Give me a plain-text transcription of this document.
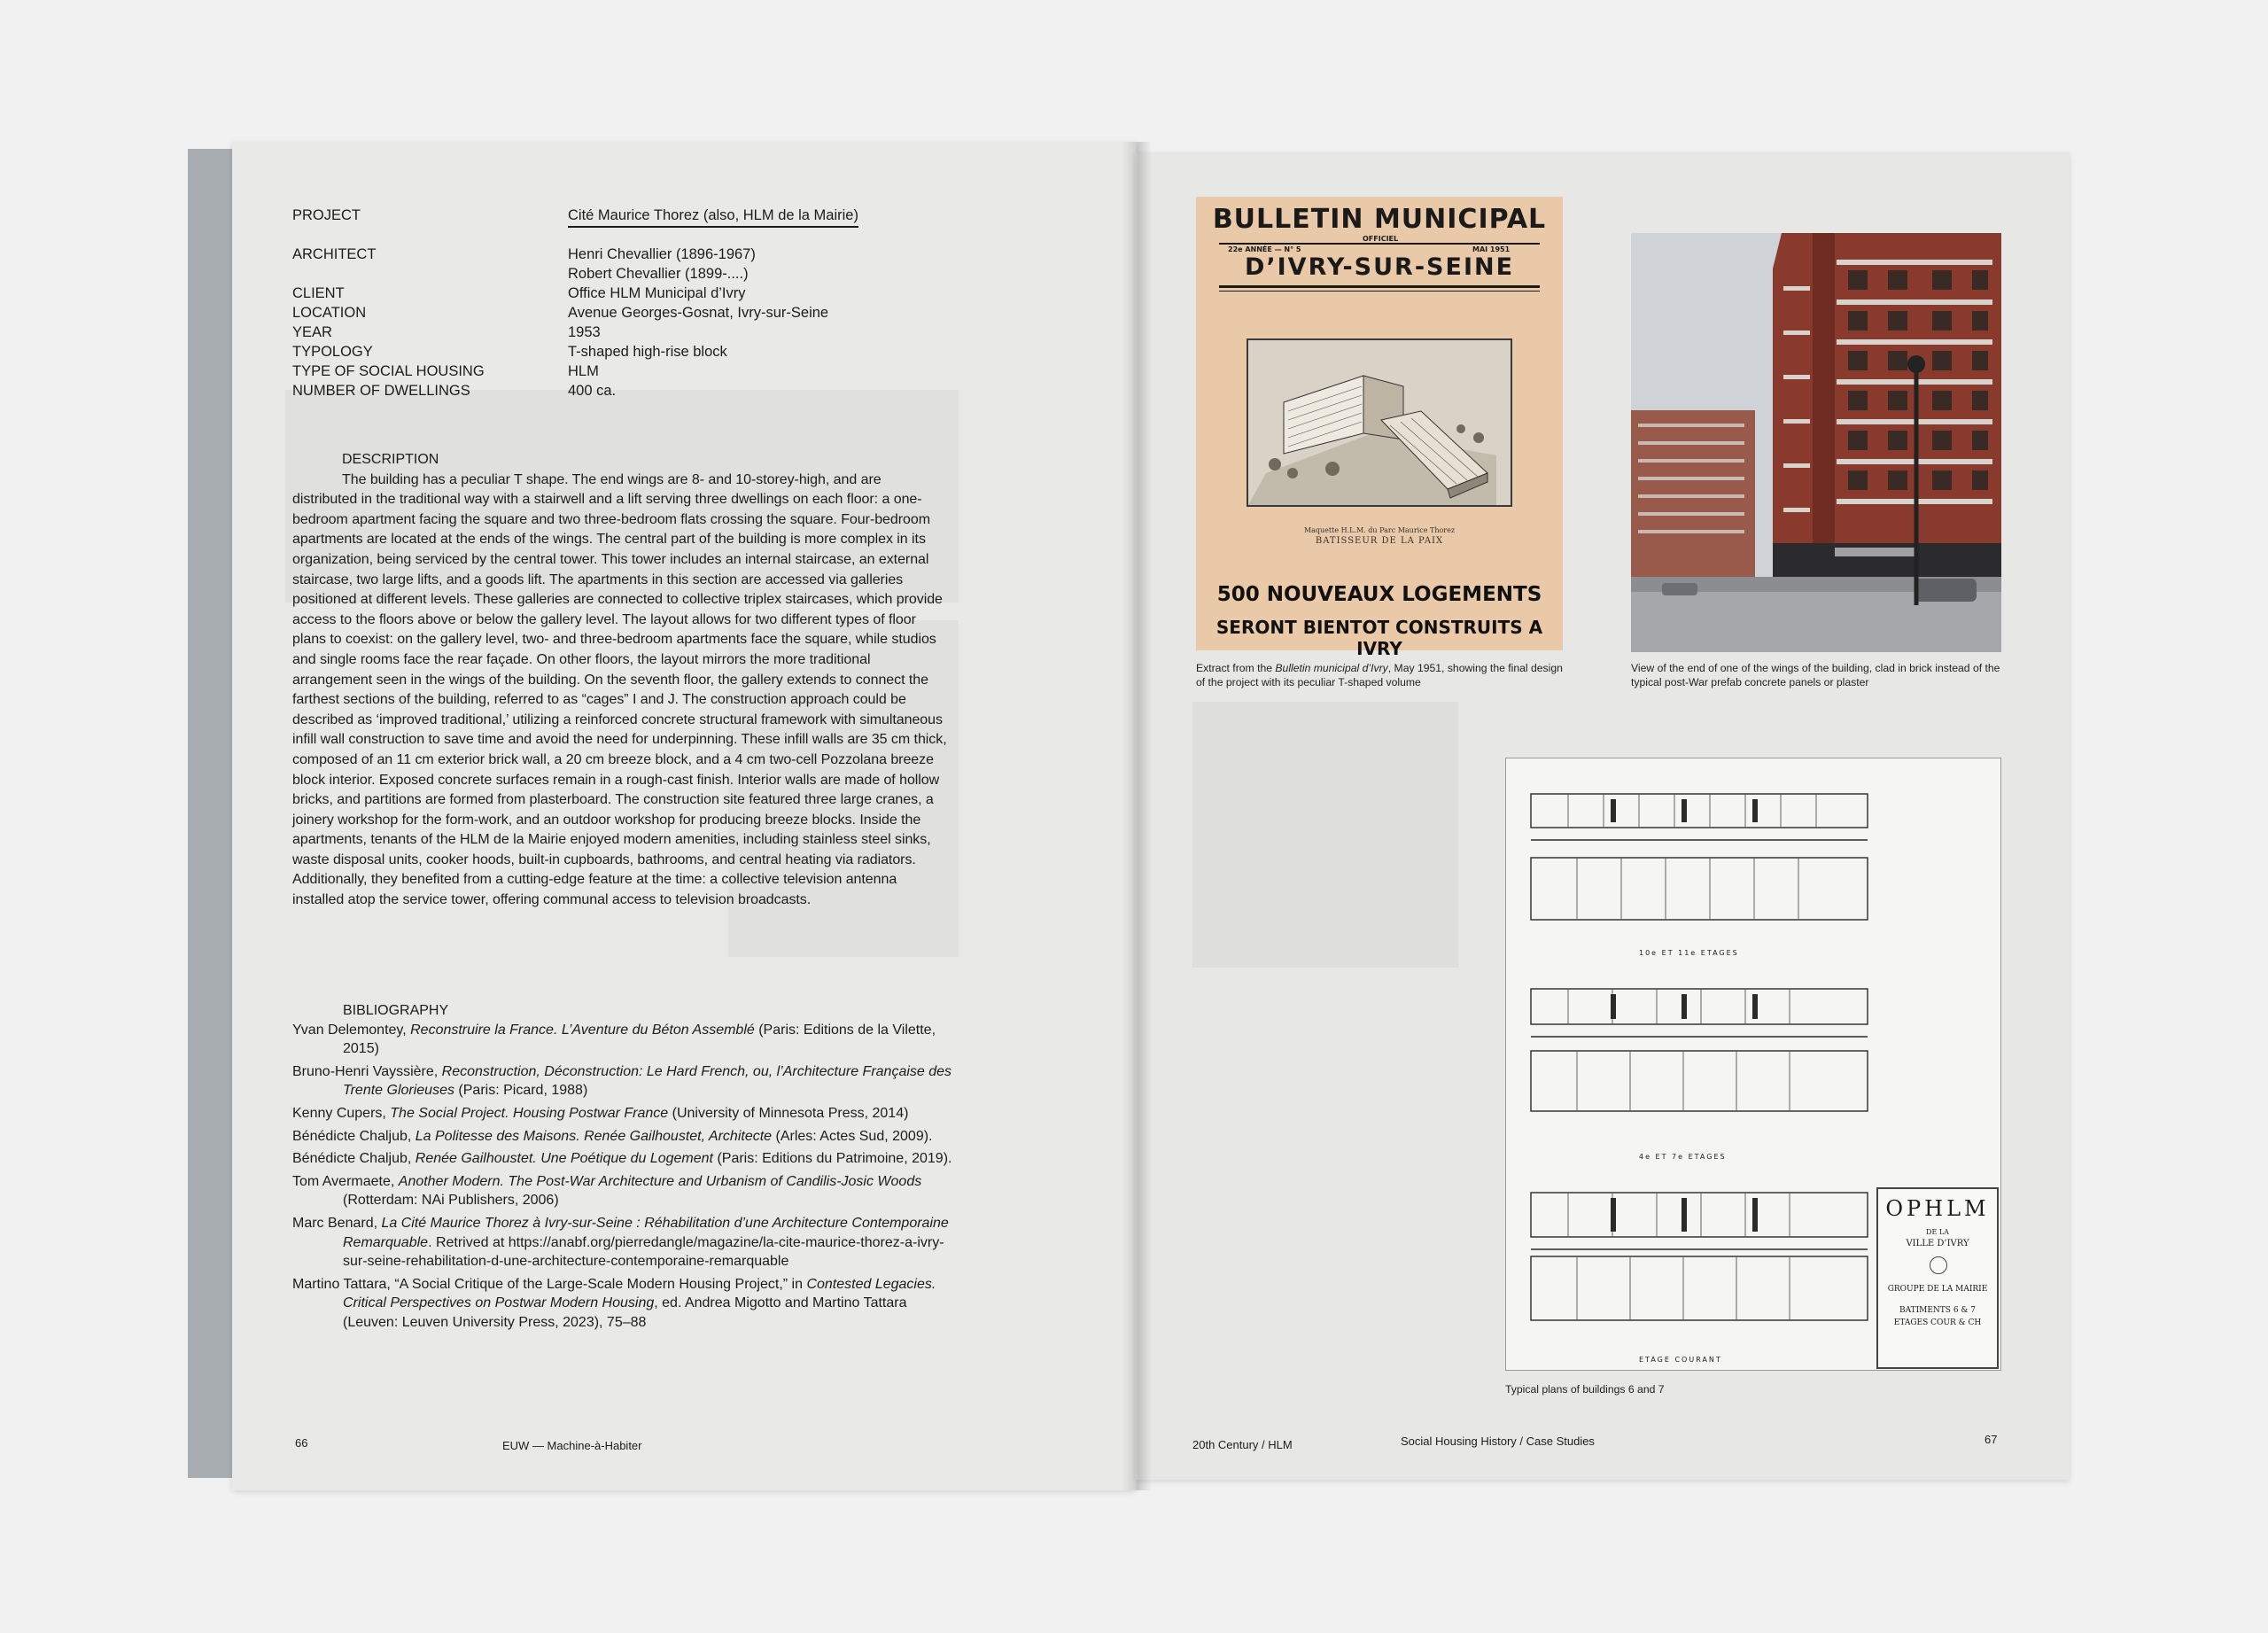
PROJECT	Cité Maurice Thorez (also, HLM de la Mairie)
ARCHITECT	Henri Chevallier (1896-1967)
Robert Chevallier (1899-....)
CLIENT	Office HLM Municipal d’Ivry
LOCATION	Avenue Georges-Gosnat, Ivry-sur-Seine
YEAR	1953
TYPOLOGY	T-shaped high-rise block
TYPE OF SOCIAL HOUSING	HLM
NUMBER OF DWELLINGS	400 ca.
DESCRIPTION

The building has a peculiar T shape. The end wings are 8- and 10-storey-high, and are distributed in the traditional way with a stairwell and a lift serving three dwellings on each floor: a one-bedroom apartment facing the square and two three-bedroom flats crossing the square. Four-bedroom apartments are located at the ends of the wings. The central part of the building is more complex in its organization, being serviced by the central tower. This tower includes an internal staircase, an external staircase, two large lifts, and a goods lift. The apartments in this section are accessed via galleries positioned at different levels. These galleries are connected to collective triplex staircases, which provide access to the floors above or below the gallery level. The layout allows for two different types of floor plans to coexist: on the gallery level, two- and three-bedroom apartments face the square, while studios and single rooms face the rear façade. On other floors, the layout mirrors the more traditional arrangement seen in the wings of the building. On the seventh floor, the gallery extends to connect the farthest sections of the building, referred to as “cages” I and J. The construction approach could be described as ‘improved traditional,’ utilizing a reinforced concrete structural framework with simultaneous infill wall construction to save time and avoid the need for underpinning. These infill walls are 35 cm thick, composed of an 11 cm exterior brick wall, a 20 cm breeze block, and a 4 cm two-cell Pozzolana breeze block interior. Exposed concrete surfaces remain in a rough-cast finish. Interior walls are made of hollow bricks, and partitions are formed from plasterboard. The construction site featured three large cranes, a joinery workshop for the form-work, and an outdoor workshop for producing breeze blocks. Inside the apartments, tenants of the HLM de la Mairie enjoyed modern amenities, including stainless steel sinks, waste disposal units, cooker hoods, built-in cupboards, bathrooms, and central heating via radiators. Additionally, they benefited from a cutting-edge feature at the time: a collective television antenna installed atop the service tower, offering communal access to television broadcasts.

BIBLIOGRAPHY
Yvan Delemontey, Reconstruire la France. L’Aventure du Béton Assemblé (Paris: Editions de la Vilette, 2015)
Bruno-Henri Vayssière, Reconstruction, Déconstruction: Le Hard French, ou, l’Architecture Française des Trente Glorieuses (Paris: Picard, 1988)
Kenny Cupers, The Social Project. Housing Postwar France (University of Minnesota Press, 2014)
Bénédicte Chaljub, La Politesse des Maisons. Renée Gailhoustet, Architecte (Arles: Actes Sud, 2009).
Bénédicte Chaljub, Renée Gailhoustet. Une Poétique du Logement (Paris: Editions du Patrimoine, 2019).
Tom Avermaete, Another Modern. The Post-War Architecture and Urbanism of Candilis-Josic Woods (Rotterdam: NAi Publishers, 2006)
Marc Benard, La Cité Maurice Thorez à Ivry-sur-Seine : Réhabilitation d’une Architecture Contemporaine Remarquable. Retrived at https://anabf.org/pierredangle/magazine/la-cite-maurice-thorez-a-ivry-sur-seine-rehabilitation-d-une-architecture-contemporaine-remarquable
Martino Tattara, “A Social Critique of the Large-Scale Modern Housing Project,” in Contested Legacies. Critical Perspectives on Postwar Modern Housing, ed. Andrea Migotto and Martino Tattara (Leuven: Leuven University Press, 2023), 75–88
66	EUW — Machine-à-Habiter
BULLETIN MUNICIPAL
22e ANNÉE — N° 5
OFFICIEL
MAI 1951
D’IVRY-SUR-SEINE
Maquette H.L.M. du Parc Maurice Thorez
BATISSEUR DE LA PAIX
500 NOUVEAUX LOGEMENTS
SERONT BIENTOT CONSTRUITS A IVRY
Extract from the Bulletin municipal d’Ivry, May 1951, showing the final design of the project with its peculiar T-shaped volume
View of the end of one of the wings of the building, clad in brick instead of the typical post-War prefab concrete panels or plaster
10e ET 11e ETAGES
4e ET 7e ETAGES
ETAGE COURANT
OPHLM
DE LA
VILLE D’IVRY
GROUPE DE LA MAIRIE
BATIMENTS 6 & 7
ETAGES COUR & CH
Typical plans of buildings 6 and 7
20th Century / HLM	Social Housing History / Case Studies	67
